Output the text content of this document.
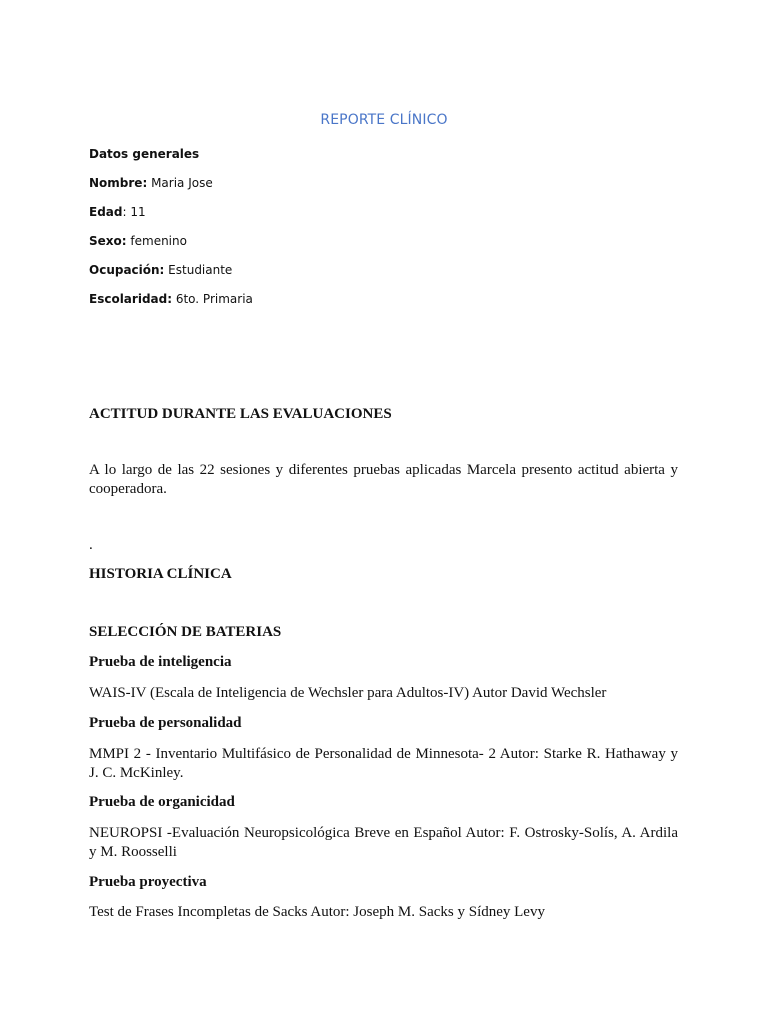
REPORTE CLÍNICO
Datos generales
Nombre: Maria Jose
Edad: 11
Sexo: femenino
Ocupación: Estudiante
Escolaridad: 6to. Primaria
ACTITUD DURANTE LAS EVALUACIONES
A lo largo de las 22 sesiones y diferentes pruebas aplicadas Marcela presento actitud abierta y cooperadora.
.
HISTORIA CLÍNICA
SELECCIÓN DE BATERIAS
Prueba de inteligencia
WAIS-IV (Escala de Inteligencia de Wechsler para Adultos-IV) Autor David Wechsler
Prueba de personalidad
MMPI 2 - Inventario Multifásico de Personalidad de Minnesota- 2 Autor: Starke R. Hathaway y J. C. McKinley.
Prueba de organicidad
NEUROPSI -Evaluación Neuropsicológica Breve en Español Autor: F. Ostrosky-Solís, A. Ardila y M. Roosselli
Prueba proyectiva
Test de Frases Incompletas de Sacks Autor: Joseph M. Sacks y Sídney Levy
